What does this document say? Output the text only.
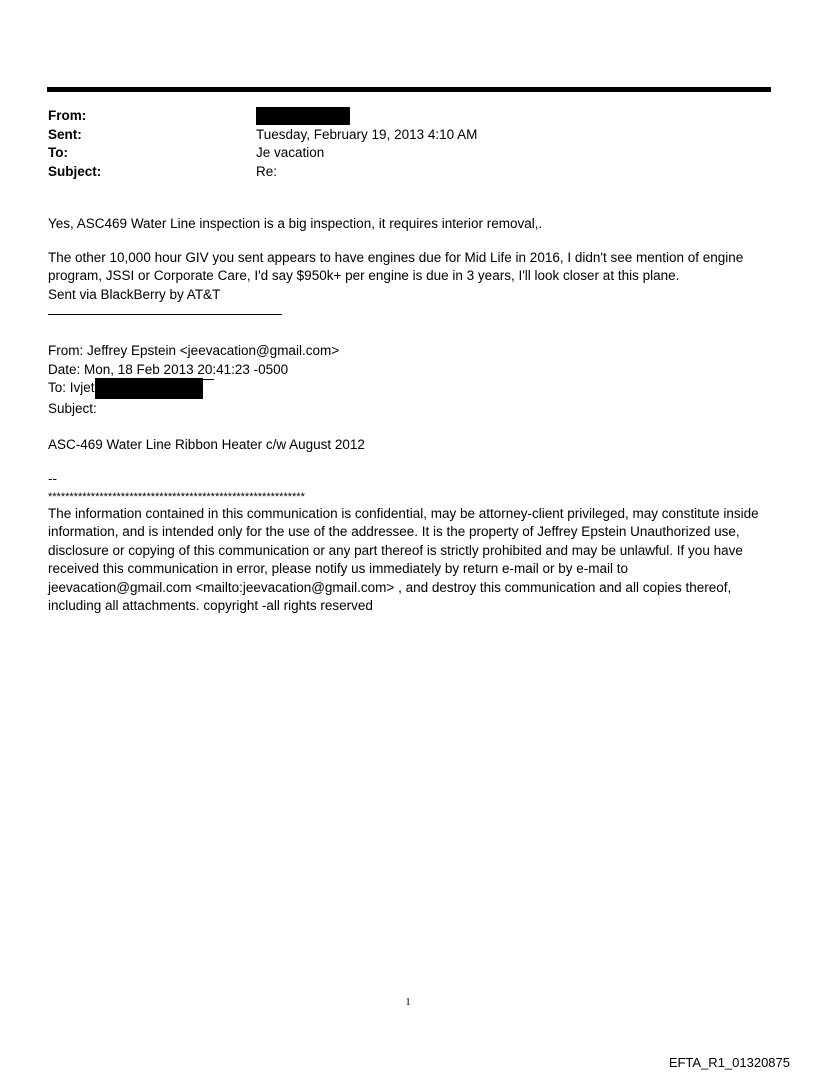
From:
Sent:	Tuesday, February 19, 2013 4:10 AM
To:	Je vacation
Subject:	Re:

Yes, ASC469 Water Line inspection is a big inspection, it requires interior removal,.

The other 10,000 hour GIV you sent appears to have engines due for Mid Life in 2016, I didn't see mention of engine program, JSSI or Corporate Care, I'd say $950k+ per engine is due in 3 years, I'll look closer at this plane.

Sent via BlackBerry by AT&T

From: Jeffrey Epstein <jeevacation@gmail.com>

Date: Mon, 18 Feb 2013 20:41:23 -0500

To: Ivjet

Subject:

ASC-469 Water Line Ribbon Heater c/w August 2012

--

************************************************************

The information contained in this communication is confidential, may be attorney-client privileged, may constitute inside information, and is intended only for the use of the addressee. It is the property of Jeffrey Epstein Unauthorized use, disclosure or copying of this communication or any part thereof is strictly prohibited and may be unlawful. If you have received this communication in error, please notify us immediately by return e-mail or by e-mail to jeevacation@gmail.com <mailto:jeevacation@gmail.com> , and destroy this communication and all copies thereof, including all attachments. copyright -all rights reserved

1
EFTA_R1_01320875
